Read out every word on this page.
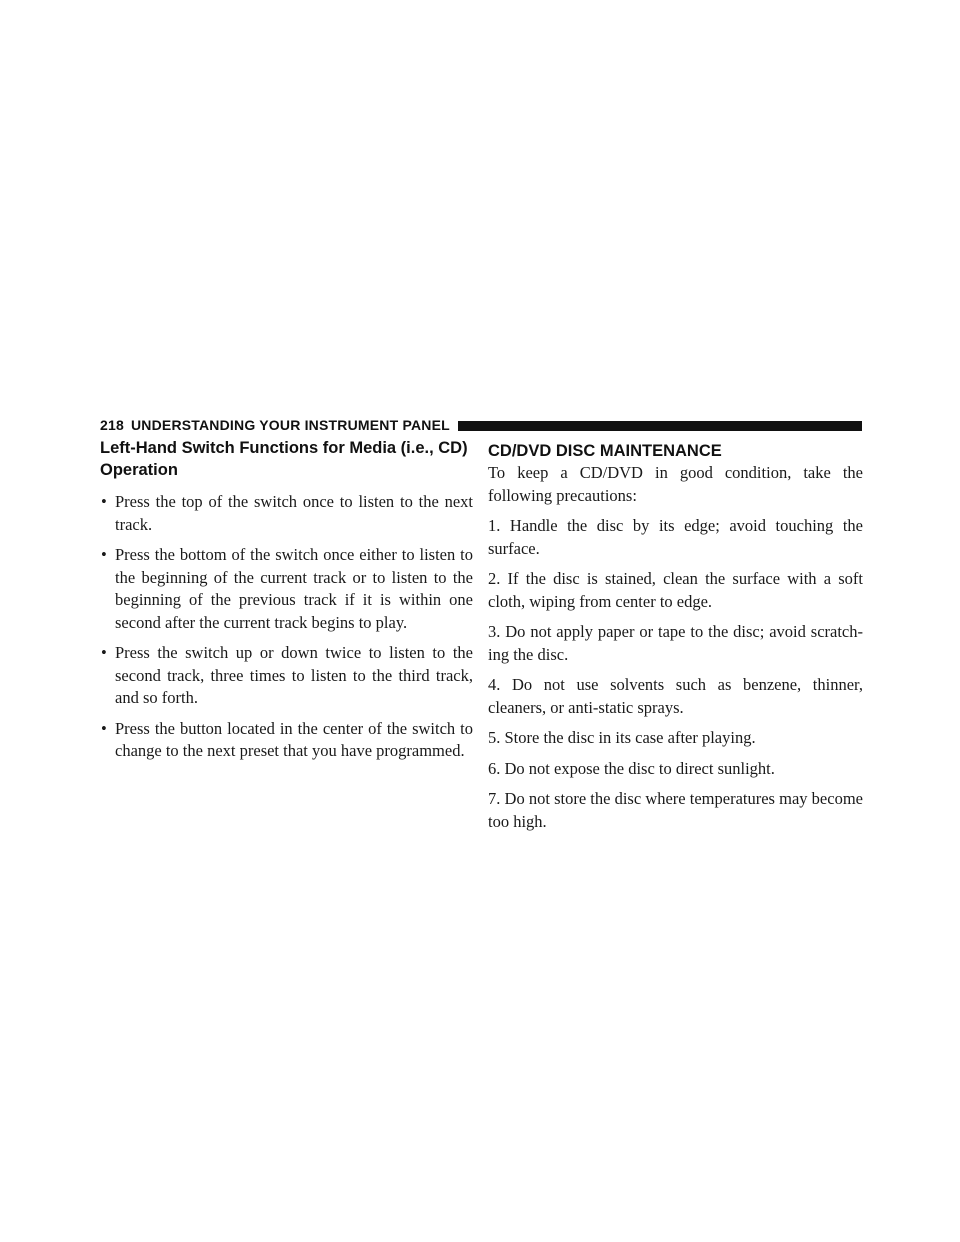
218 UNDERSTANDING YOUR INSTRUMENT PANEL
Left-Hand Switch Functions for Media (i.e., CD) Operation
• Press the top of the switch once to listen to the next track.
• Press the bottom of the switch once either to listen to the beginning of the current track or to listen to the beginning of the previous track if it is within one second after the current track begins to play.
• Press the switch up or down twice to listen to the second track, three times to listen to the third track, and so forth.
• Press the button located in the center of the switch to change to the next preset that you have programmed.
CD/DVD DISC MAINTENANCE

To keep a CD/DVD in good condition, take the following precautions:

1. Handle the disc by its edge; avoid touching the surface.

2. If the disc is stained, clean the surface with a soft cloth, wiping from center to edge.

3. Do not apply paper or tape to the disc; avoid scratch-ing the disc.

4. Do not use solvents such as benzene, thinner, cleaners, or anti-static sprays.

5. Store the disc in its case after playing.

6. Do not expose the disc to direct sunlight.

7. Do not store the disc where temperatures may become too high.
